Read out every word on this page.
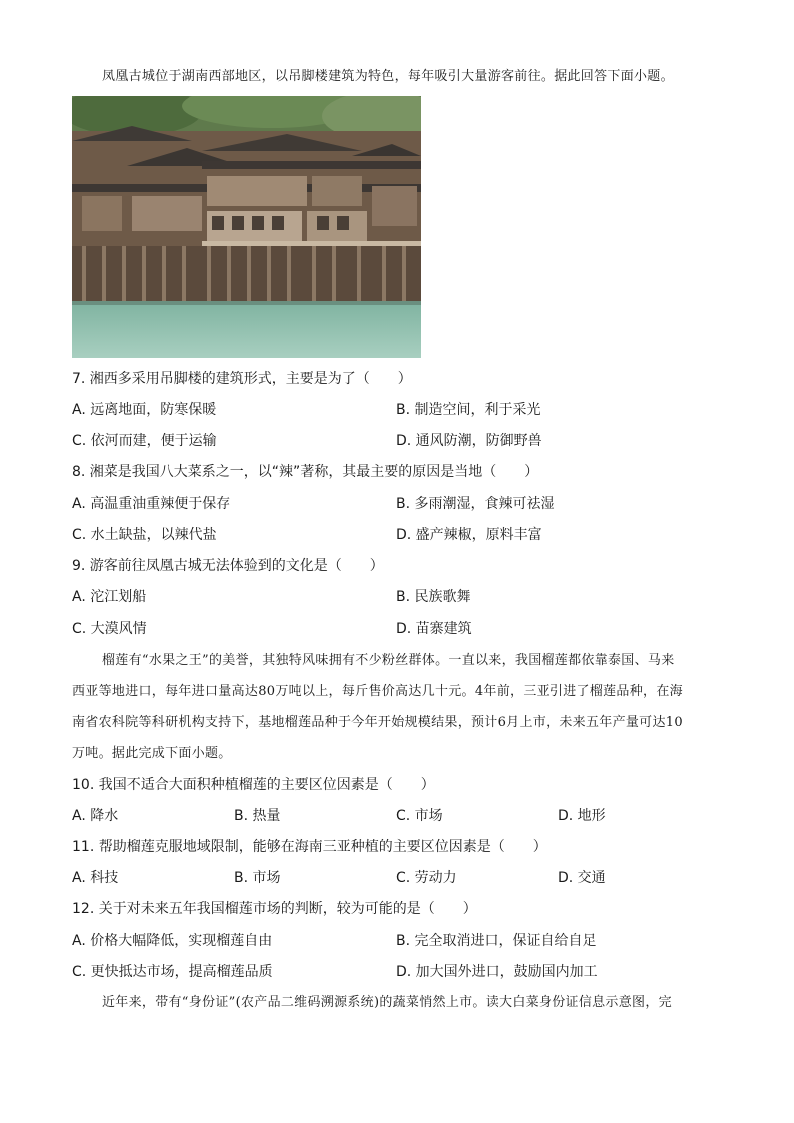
凤凰古城位于湖南西部地区，以吊脚楼建筑为特色，每年吸引大量游客前往。据此回答下面小题。
7. 湘西多采用吊脚楼的建筑形式，主要是为了（　　）
A. 远离地面，防寒保暖	B. 制造空间，利于采光
C. 依河而建，便于运输	D. 通风防潮，防御野兽
8. 湘菜是我国八大菜系之一，以“辣”著称，其最主要的原因是当地（　　）
A. 高温重油重辣便于保存	B. 多雨潮湿，食辣可祛湿
C. 水土缺盐，以辣代盐	D. 盛产辣椒，原料丰富
9. 游客前往凤凰古城无法体验到的文化是（　　）
A. 沱江划船	B. 民族歌舞
C. 大漠风情	D. 苗寨建筑
榴莲有“水果之王”的美誉，其独特风味拥有不少粉丝群体。一直以来，我国榴莲都依靠泰国、马来
西亚等地进口，每年进口量高达80万吨以上，每斤售价高达几十元。4年前，三亚引进了榴莲品种，在海
南省农科院等科研机构支持下，基地榴莲品种于今年开始规模结果，预计6月上市，未来五年产量可达10
万吨。据此完成下面小题。
10. 我国不适合大面积种植榴莲的主要区位因素是（　　）
A. 降水	B. 热量	C. 市场	D. 地形
11. 帮助榴莲克服地域限制，能够在海南三亚种植的主要区位因素是（　　）
A. 科技	B. 市场	C. 劳动力	D. 交通
12. 关于对未来五年我国榴莲市场的判断，较为可能的是（　　）
A. 价格大幅降低，实现榴莲自由	B. 完全取消进口，保证自给自足
C. 更快抵达市场，提高榴莲品质	D. 加大国外进口，鼓励国内加工
近年来，带有“身份证”(农产品二维码溯源系统)的蔬菜悄然上市。读大白菜身份证信息示意图，完
